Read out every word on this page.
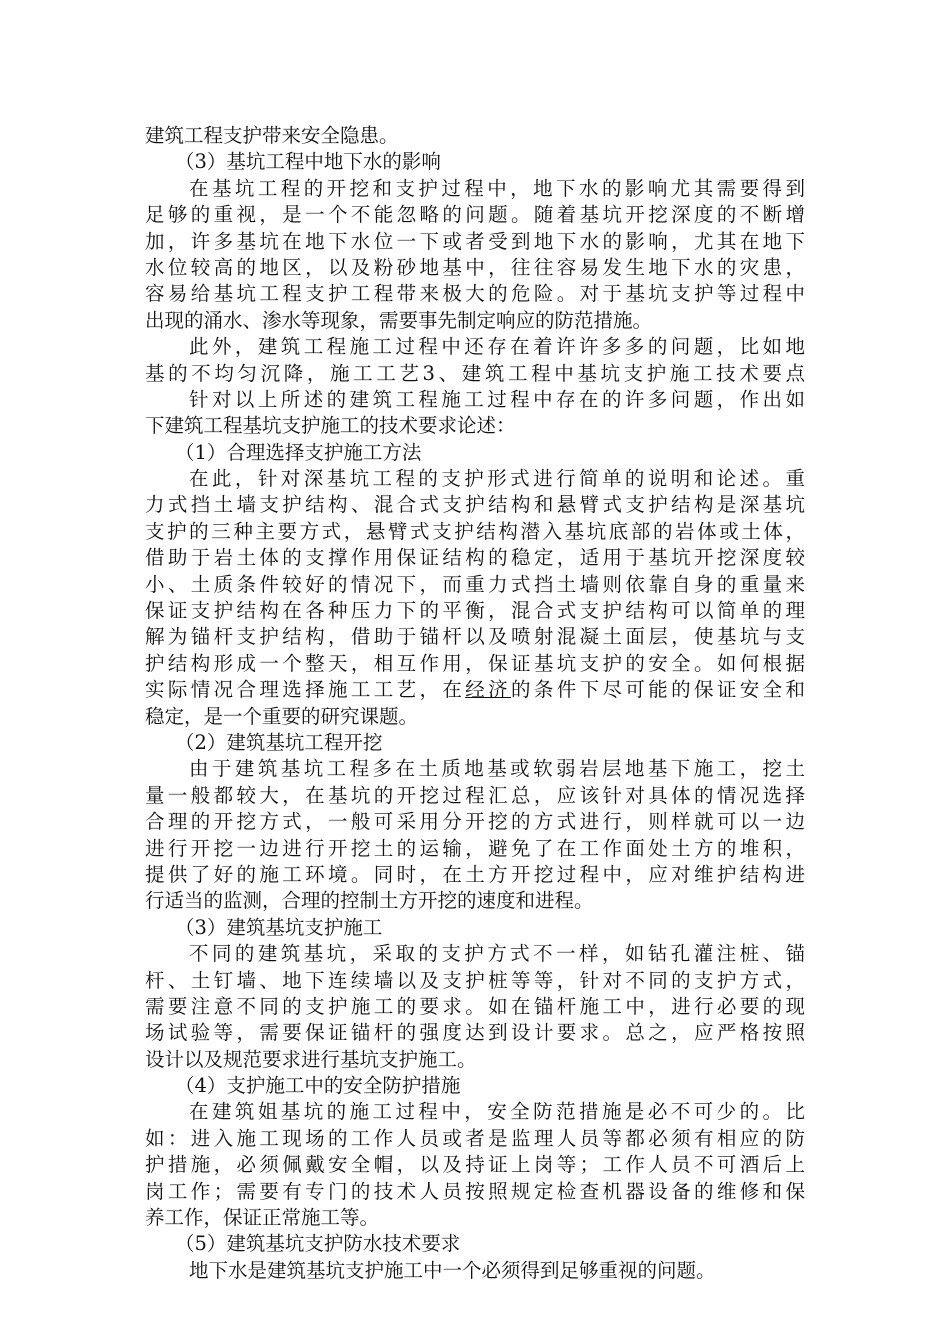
建筑工程支护带来安全隐患。
（3）基坑工程中地下水的影响
在基坑工程的开挖和支护过程中，地下水的影响尤其需要得到
足够的重视，是一个不能忽略的问题。随着基坑开挖深度的不断增
加，许多基坑在地下水位一下或者受到地下水的影响，尤其在地下
水位较高的地区，以及粉砂地基中，往往容易发生地下水的灾患，
容易给基坑工程支护工程带来极大的危险。对于基坑支护等过程中
出现的涌水、渗水等现象，需要事先制定响应的防范措施。
此外，建筑工程施工过程中还存在着许许多多的问题，比如地
基的不均匀沉降，施工工艺3、建筑工程中基坑支护施工技术要点
针对以上所述的建筑工程施工过程中存在的许多问题，作出如
下建筑工程基坑支护施工的技术要求论述：
（1）合理选择支护施工方法
在此，针对深基坑工程的支护形式进行简单的说明和论述。重
力式挡土墙支护结构、混合式支护结构和悬臂式支护结构是深基坑
支护的三种主要方式，悬臂式支护结构潜入基坑底部的岩体或土体，
借助于岩土体的支撑作用保证结构的稳定，适用于基坑开挖深度较
小、土质条件较好的情况下，而重力式挡土墙则依靠自身的重量来
保证支护结构在各种压力下的平衡，混合式支护结构可以简单的理
解为锚杆支护结构，借助于锚杆以及喷射混凝土面层，使基坑与支
护结构形成一个整天，相互作用，保证基坑支护的安全。如何根据
实际情况合理选择施工工艺，在经济的条件下尽可能的保证安全和
稳定，是一个重要的研究课题。
（2）建筑基坑工程开挖
由于建筑基坑工程多在土质地基或软弱岩层地基下施工，挖土
量一般都较大，在基坑的开挖过程汇总，应该针对具体的情况选择
合理的开挖方式，一般可采用分开挖的方式进行，则样就可以一边
进行开挖一边进行开挖土的运输，避免了在工作面处土方的堆积，
提供了好的施工环境。同时，在土方开挖过程中，应对维护结构进
行适当的监测，合理的控制土方开挖的速度和进程。
（3）建筑基坑支护施工
不同的建筑基坑，采取的支护方式不一样，如钻孔灌注桩、锚
杆、土钉墙、地下连续墙以及支护桩等等，针对不同的支护方式，
需要注意不同的支护施工的要求。如在锚杆施工中，进行必要的现
场试验等，需要保证锚杆的强度达到设计要求。总之，应严格按照
设计以及规范要求进行基坑支护施工。
（4）支护施工中的安全防护措施
在建筑姐基坑的施工过程中，安全防范措施是必不可少的。比
如：进入施工现场的工作人员或者是监理人员等都必须有相应的防
护措施，必须佩戴安全帽，以及持证上岗等；工作人员不可酒后上
岗工作；需要有专门的技术人员按照规定检查机器设备的维修和保
养工作，保证正常施工等。
（5）建筑基坑支护防水技术要求
地下水是建筑基坑支护施工中一个必须得到足够重视的问题。
